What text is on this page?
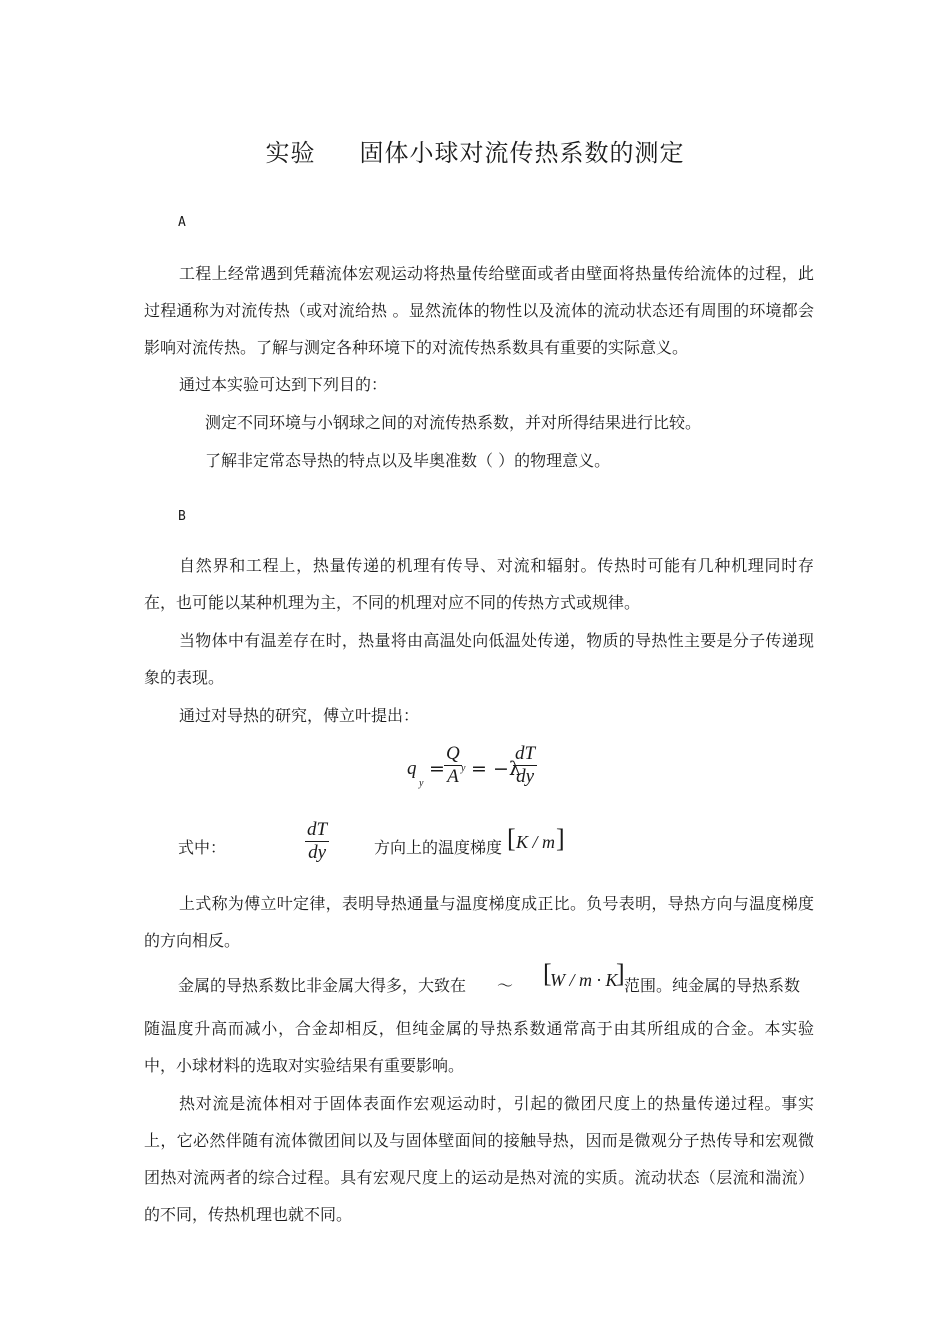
实验 固体小球对流传热系数的测定
A 实验目的

工程上经常遇到凭藉流体宏观运动将热量传给壁面或者由壁面将热量传给流体的过程，此过程通称为对流传热（或对流给热 。显然流体的物性以及流体的流动状态还有周围的环境都会影响对流传热。了解与测定各种环境下的对流传热系数具有重要的实际意义。

通过本实验可达到下列目的：

测定不同环境与小钢球之间的对流传热系数，并对所得结果进行比较。

了解非定常态导热的特点以及毕奥准数（ ）的物理意义。

B 实验原理

自然界和工程上，热量传递的机理有传导、对流和辐射。传热时可能有几种机理同时存在，也可能以某种机理为主，不同的机理对应不同的传热方式或规律。

当物体中有温差存在时，热量将由高温处向低温处传递，物质的导热性主要是分子传递现象的表现。

通过对导热的研究，傅立叶提出：

q
y
= $\frac{Q}{A}$ y = −λ
$\frac{dT}{dy}$
式中：	$\frac{dT}{dy}$	方向上的温度梯度 [ K / m ]

上式称为傅立叶定律，表明导热通量与温度梯度成正比。负号表明，导热方向与温度梯度的方向相反。

金属的导热系数比非金属大得多，大致在 ～ [
W / m · K
] 范围。纯金属的导热系数

随温度升高而减小，合金却相反，但纯金属的导热系数通常高于由其所组成的合金。本实验中，小球材料的选取对实验结果有重要影响。

热对流是流体相对于固体表面作宏观运动时，引起的微团尺度上的热量传递过程。事实上，它必然伴随有流体微团间以及与固体壁面间的接触导热，因而是微观分子热传导和宏观微团热对流两者的综合过程。具有宏观尺度上的运动是热对流的实质。流动状态（层流和湍流）的不同，传热机理也就不同。
